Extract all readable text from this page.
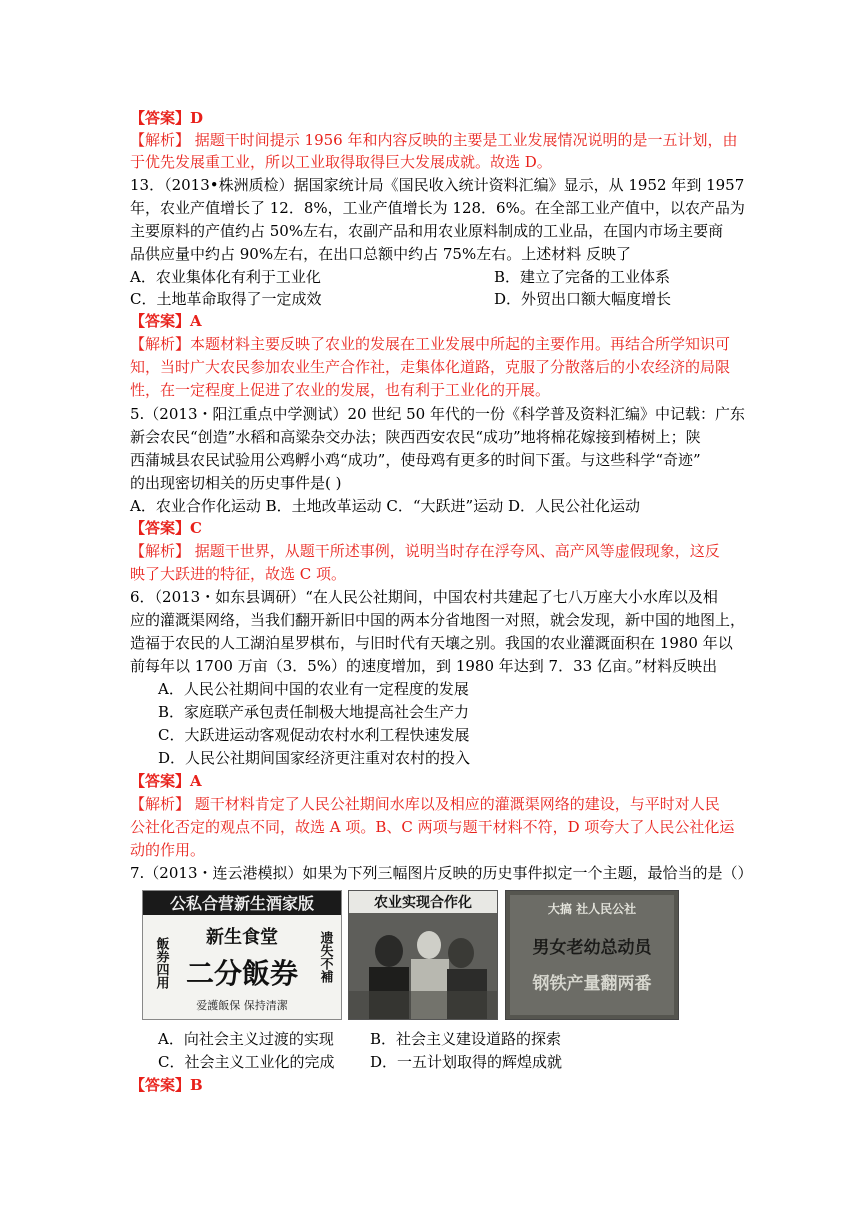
【答案】D
【解析】 据题干时间提示 1956 年和内容反映的主要是工业发展情况说明的是一五计划，由
于优先发展重工业，所以工业取得取得巨大发展成就。故选 D。
13．（2013•株洲质检）据国家统计局《国民收入统计资料汇编》显示，从 1952 年到 1957
年，农业产值增长了 12．8%，工业产值增长为 128．6%。在全部工业产值中，以农产品为
主要原料的产值约占 50%左右，农副产品和用农业原料制成的工业品，在国内市场主要商
品供应量中约占 90%左右，在出口总额中约占 75%左右。上述材料 反映了
A．农业集体化有利于工业化	B．建立了完备的工业体系
C．土地革命取得了一定成效	D．外贸出口额大幅度增长
【答案】A
【解析】本题材料主要反映了农业的发展在工业发展中所起的主要作用。再结合所学知识可
知，当时广大农民参加农业生产合作社，走集体化道路，克服了分散落后的小农经济的局限
性，在一定程度上促进了农业的发展，也有利于工业化的开展。
5.（2013・阳江重点中学测试）20 世纪 50 年代的一份《科学普及资料汇编》中记载：广东
新会农民“创造”水稻和高粱杂交办法；陕西西安农民“成功”地将棉花嫁接到椿树上；陕
西蒲城县农民试验用公鸡孵小鸡“成功”，使母鸡有更多的时间下蛋。与这些科学“奇迹”
的出现密切相关的历史事件是( )
A．农业合作化运动 B．土地改革运动 C．“大跃进”运动 D．人民公社化运动
【答案】C
【解析】 据题干世界，从题干所述事例，说明当时存在浮夸风、高产风等虚假现象，这反
映了大跃进的特征，故选 C 项。
6．（2013・如东县调研）“在人民公社期间，中国农村共建起了七八万座大小水库以及相
应的灌溉渠网络，当我们翻开新旧中国的两本分省地图一对照，就会发现，新中国的地图上，
造福于农民的人工湖泊星罗棋布，与旧时代有天壤之别。我国的农业灌溉面积在 1980 年以
前每年以 1700 万亩（3．5%）的速度增加，到 1980 年达到 7．33 亿亩。”材料反映出
A．人民公社期间中国的农业有一定程度的发展
B．家庭联产承包责任制极大地提高社会生产力
C．大跃进运动客观促动农村水利工程快速发展
D．人民公社期间国家经济更注重对农村的投入
【答案】A
【解析】 题干材料肯定了人民公社期间水库以及相应的灌溉渠网络的建设，与平时对人民
公社化否定的观点不同，故选 A 项。B、C 两项与题干材料不符，D 项夸大了人民公社化运
动的作用。
7.（2013・连云港模拟）如果为下列三幅图片反映的历史事件拟定一个主题，最恰当的是（）
公私合营新生酒家版
新生食堂
二分飯券
飯券四用	遗失不補
爱護飯保 保持清潔
农业实现合作化	大搞 社人民公社
男女老幼总动员
钢铁产量翻两番
A．向社会主义过渡的实现 B．社会主义建设道路的探索
C．社会主义工业化的完成 D．一五计划取得的辉煌成就
【答案】B
